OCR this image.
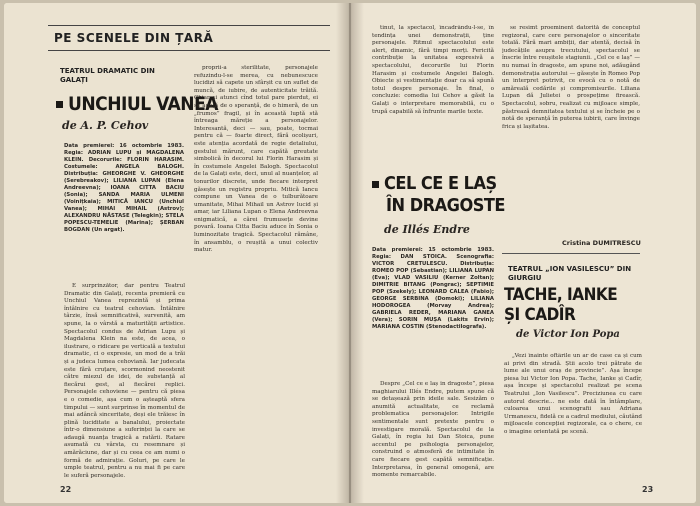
PE SCENELE DIN ȚARĂ
TEATRUL DRAMATIC DIN GALAȚI
UNCHIUL VANEA
de A. P. Cehov
Data premierei: 16 octombrie 1983. Regia: ADRIAN LUPU și MAGDALENA KLEIN. Decorurile: FLORIN HARASIM. Costumele: ANGELA BALOGH. Distribuția: GHEORGHE V. GHEORGHE (Serebreakov); LILIANA LUPAN (Elena Andreevna); IOANA CITTA BACIU (Sonia); SANDA MARIA ULMENI (Voinițkaia); MITICĂ IANCU (Unchiul Vanea); MIHAI MIHAIL (Astrov); ALEXANDRU NĂSTASE (Telegkin); STELA POPESCU-TEMELIE (Marina); ȘERBAN BOGDAN (Un argat).

E surprinzător, dar pentru Teatrul Dramatic din Galați, recenta premieră cu Unchiul Vanea reprezintă și prima întâlnire cu teatrul cehovian. Întâlnire târzie, însă semnificativă, survenită, am spune, la o vârstă a maturității artistice. Spectacolul condus de Adrian Lupu și Magdalena Klein na este, de acea, o ilustrare, o ridicare pe verticală a textului dramatic, ci o expresie, un mod de a trăi și a judeca lumea cehoviană. Iar judecata este fără cruțare, scormonind neostenit către miezul de idei, de substanță al fiecărui gest, al fiecărei replici. Personajele cehoviene — pentru că piesa e o comedie, așa cum o așteaptă sfera timpului — sunt surprinse în momentul de mai adâncă sinceritate, deși ele trăiesc în plină luciditate a banalului, proiectate într-o dimensiune a suferinței la care se adaugă nuanța tragică a ratării. Ratare asumată cu vârsta, cu resemnare și amărăciune, dar și cu ceea ce am numi o formă de admirație. Goluri, pe care le umple teatrul, pentru a nu mai fi pe care le suferă personajele.

proprii-a sterilitate, personajele refuzindu-l-se merea, cu nebunescuce lucidizi să capete un sfârșit cu un suflet de muncă, de iubire, de autenticitate trăită. Chiar și atunci cînd totul pare pierdut, ei se agață de o speranță, de o himeră, de un „frumos” fragil, și în această luptă stă întreaga măreție a personajelor. Interesantă, deci — sau, poate, tocmai pentru că — foarte direct, fără ocolișuri, este atenția acordată de regie detaliului, gestului mărunt, care capătă greutate simbolică în decorul lui Florin Harasim și în costumele Angelei Balogh. Spectacolul de la Galați este, deci, unul al nuanțelor, al tonurilor discrete, unde fiecare interpret găsește un registru propriu. Mitică Iancu compune un Vanea de o tulburătoare umanitate, Mihai Mihail un Astrov lucid și amar, iar Liliana Lupan o Elena Andreevna enigmatică, a cărei frumusețe devine povară. Ioana Citta Baciu aduce în Sonia o luminozitate tragică. Spectacolul rămâne, în ansamblu, o reușită a unui colectiv matur.

22

tinut, la spectacol, încadrându-l-se, în tendința unei demonstrații, ține personajele. Ritmul spectacolului este alert, dinamic, fără timpi morți. Fericită contribuție la unitatea expresivă a spectacolului, decorurile lui Florin Harasim și costumele Angelei Balogh. Obiecte și vestimentație doar ca să spună totul despre personaje. În final, o concluzie: comedia lui Cehov a găsit la Galați o interpretare memorabilă, cu o trupă capabilă să înfrunte marile texte.

se resimt proeminent datorită de conceptul regizoral, care cere personajelor o sinceritate totală. Fără mari ambiții, dar atentă, decisă în judecățile asupra trecutului, spectacolul se înscrie între reușitele stagiunii. „Cel ce e laș” — nu numai în dragoste, am spune noi, adăugând demonstrația autorului — găsește în Romeo Pop un interpret potrivit, ce evocă cu o notă de amăreală cedările și compromisurile. Liliana Lupan dă Julietei o prospețime firească. Spectacolul, sobru, realizat cu mijloace simple, păstrează demnitatea textului și se încheie pe o notă de speranță în puterea iubirii, care învinge frica și lașitatea.

CEL CE E LAȘ
ÎN DRAGOSTE
de Illés Endre
Data premierei: 15 octombrie 1983. Regia: DAN STOICA. Scenografia: VICTOR CRETULESCU. Distribuția: ROMEO POP (Sebastian); LILIANA LUPAN (Eva); VLAD VASILIU (Kerner Zoltan); DIMITRIE BITANG (Pongrac); SEPTIMIE POP (Szekely); LEONARD CALEA (Fabio); GEORGE SERBINA (Domoki); LILIANA HODOROGEA (Morvay Andrea); GABRIELA REDER, MARIANA GANEA (Vera); SORIN MUȘA (Lakits Ervin); MARIANA COSTIN (Stenodactilografa).

Despre „Cel ce e laș în dragoste”, piesa maghiarului Illés Endre, putem spune că se detașează prin ideile sale. Sesizăm o anumită actualitate, ce reclamă problematica personajelor. Intrigile sentimentale sunt pretexte pentru o investigare morală. Spectacolul de la Galați, în regia lui Dan Stoica, pune accentul pe psihologia personajelor, construind o atmosferă de intimitate în care fiecare gest capătă semnificație. Interpretarea, în general omogenă, are momente remarcabile.

Cristina DUMITRESCU
TEATRUL „ION VASILESCU” DIN GIURGIU
TACHE, IANKE
ȘI CADÎR
de Victor Ion Popa

„Vezi înainte oftârile un ar de case ca și cum ai privi din stradă. Știi acolo trei pătrate de lume ale unui oraș de provincie”. Așa începe piesa lui Victor Ion Popa. Tache, Ianke și Cadîr, așa începe și spectacolul realizat pe scena Teatrului „Ion Vasilescu”. Preciziunea cu care autorul descrie... ne este dată în întâmplare, culoarea unui scenografii sau Adriana Urmanescu, fidelă ce a cadrul mediului, căutând mijloacele concepției regizorale, ca o chere, ce o imagine orientată pe scenă.

23
